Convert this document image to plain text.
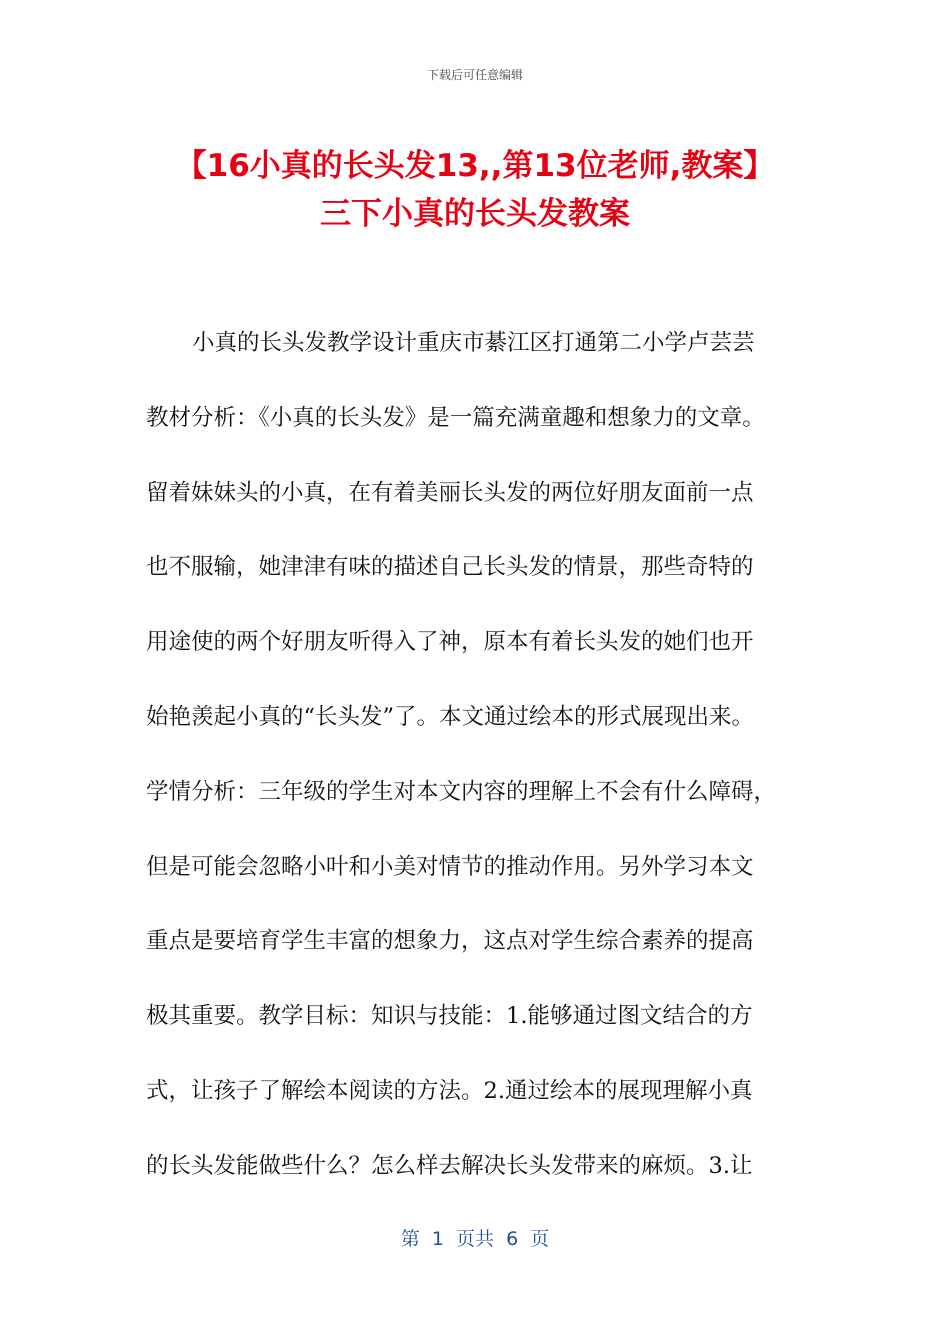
下载后可任意编辑
【16小真的长头发13,,第13位老师,教案】
三下小真的长头发教案
小真的长头发教学设计重庆市綦江区打通第二小学卢芸芸
教材分析：《小真的长头发》是一篇充满童趣和想象力的文章。
留着妹妹头的小真，在有着美丽长头发的两位好朋友面前一点
也不服输，她津津有味的描述自己长头发的情景，那些奇特的
用途使的两个好朋友听得入了神，原本有着长头发的她们也开
始艳羡起小真的“长头发”了。本文通过绘本的形式展现出来。
学情分析：三年级的学生对本文内容的理解上不会有什么障碍，
但是可能会忽略小叶和小美对情节的推动作用。另外学习本文
重点是要培育学生丰富的想象力，这点对学生综合素养的提高
极其重要。教学目标：知识与技能：1.能够通过图文结合的方
式，让孩子了解绘本阅读的方法。2.通过绘本的展现理解小真
的长头发能做些什么？怎么样去解决长头发带来的麻烦。3.让
第  1  页共  6  页
